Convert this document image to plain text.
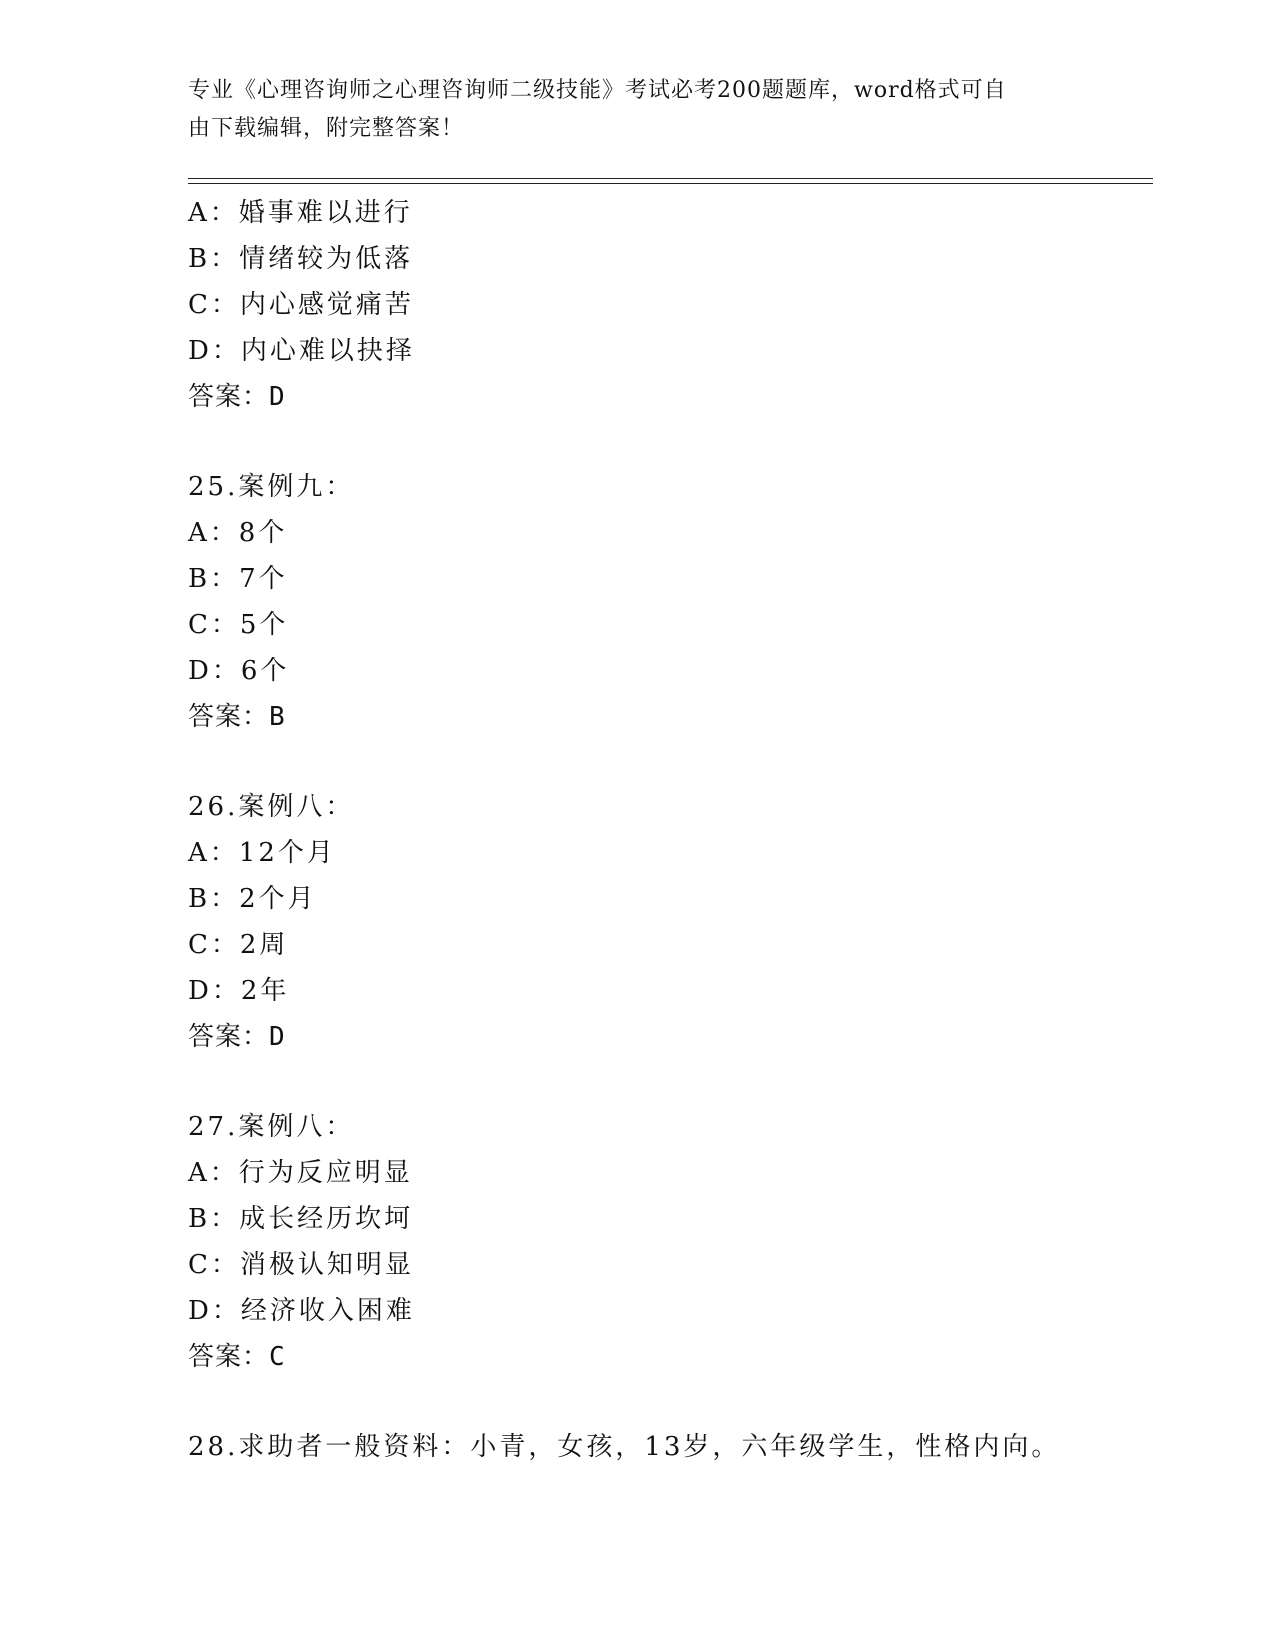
专业《心理咨询师之心理咨询师二级技能》考试必考200题题库，word格式可自
由下载编辑，附完整答案！
A：婚事难以进行
B：情绪较为低落
C：内心感觉痛苦
D：内心难以抉择
答案：D
25.案例九：
A：8个
B：7个
C：5个
D：6个
答案：B
26.案例八：
A：12个月
B：2个月
C：2周
D：2年
答案：D
27.案例八：
A：行为反应明显
B：成长经历坎坷
C：消极认知明显
D：经济收入困难
答案：C
28.求助者一般资料：小青，女孩，13岁，六年级学生，性格内向。
